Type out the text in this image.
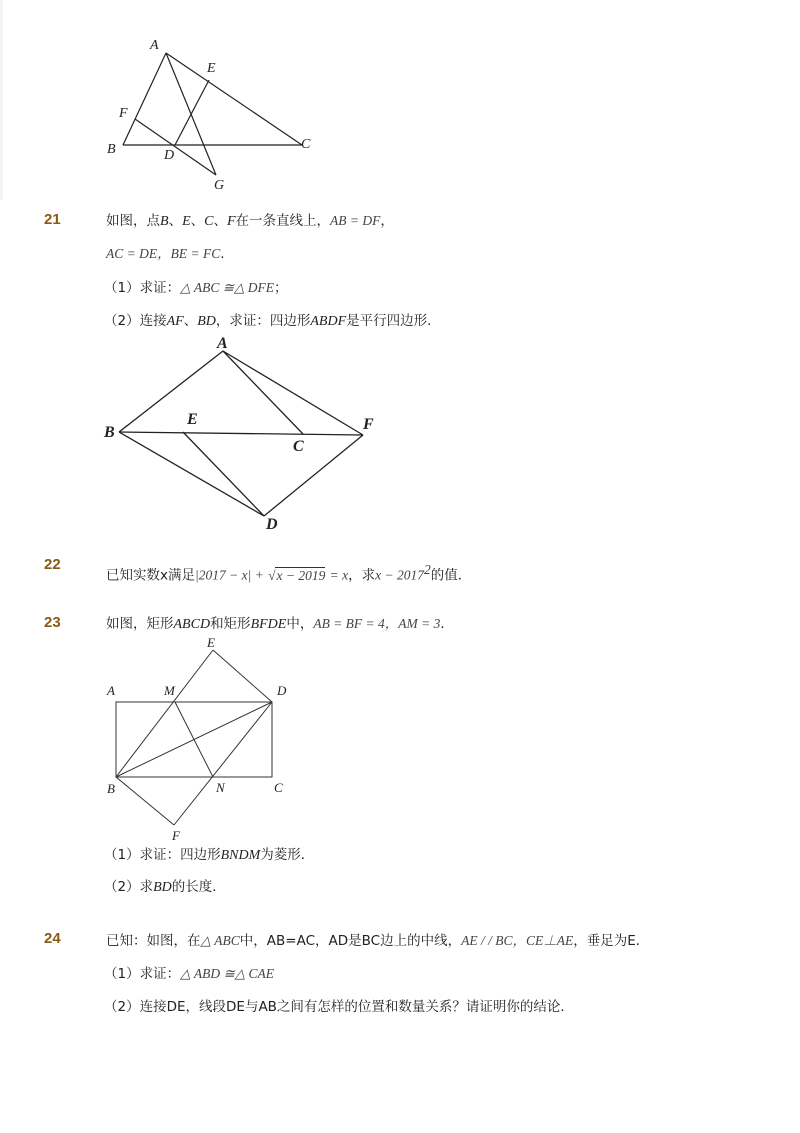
A
E
F
B	D
C
G
21	如图，点B、E、C、F在一条直线上，AB = DF，
AC = DE，BE = FC.
（1）求证：△ ABC ≅△ DFE；
（2）连接AF、BD，求证：四边形ABDF是平行四边形．
A
B
E
C
F
D
22
已知实数x满足|2017 − x| + √x − 2019 = x，求$x - 2017^2$的值．
23	如图，矩形ABCD和矩形BFDE中，AB = BF = 4，AM = 3．
E
A	M	D
B	N	C
F
（1）求证：四边形BNDM为菱形．
（2）求BD的长度．
24	已知：如图，在△ ABC中，AB=AC，AD是BC边上的中线，AE / / BC，CE⊥AE，垂足为E．
（1）求证：△ ABD ≅△ CAE
（2）连接DE，线段DE与AB之间有怎样的位置和数量关系？请证明你的结论．
